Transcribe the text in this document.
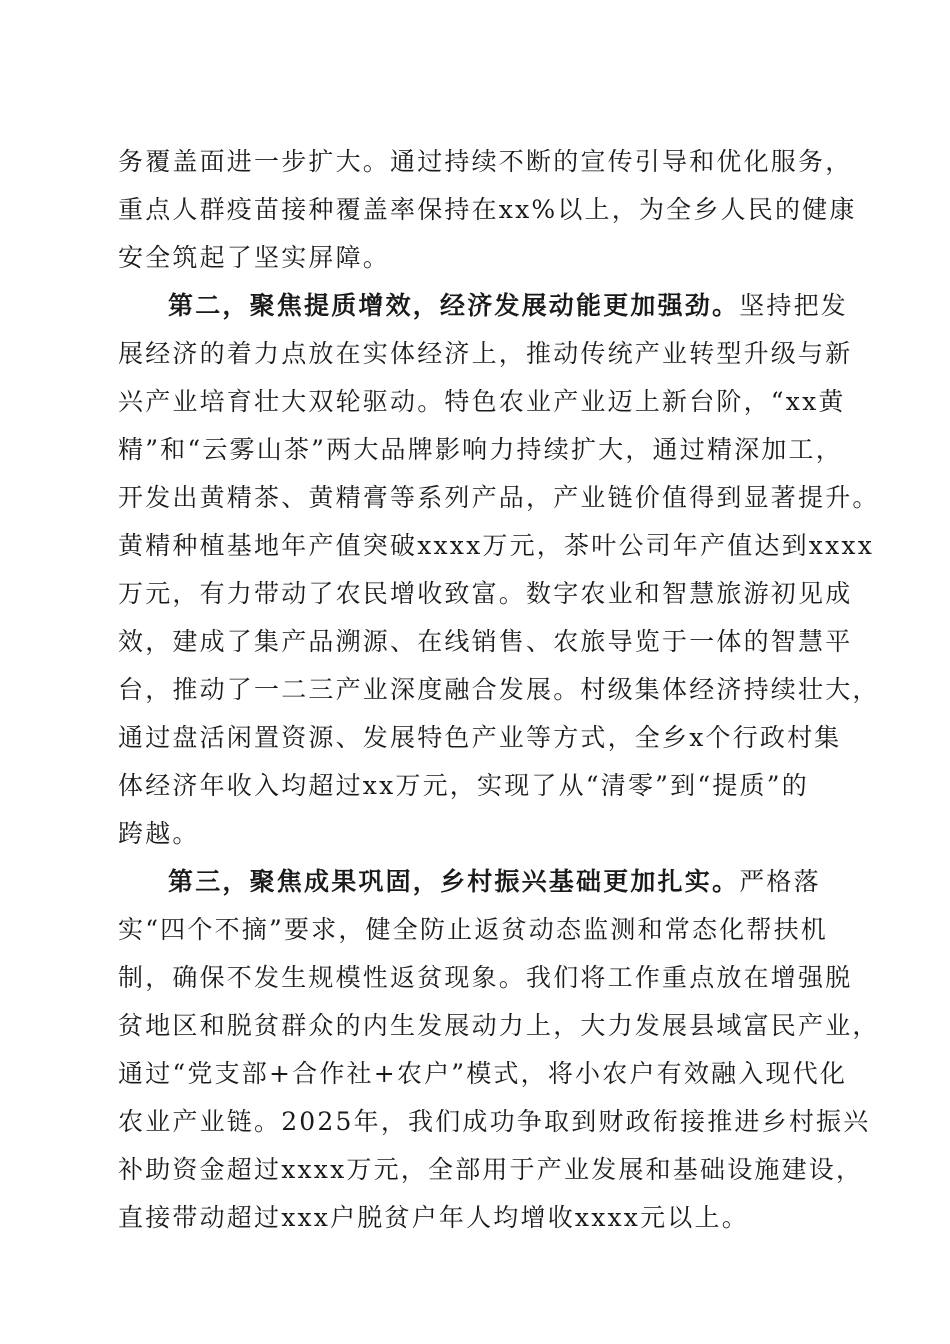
务覆盖面进一步扩大。通过持续不断的宣传引导和优化服务，
重点人群疫苗接种覆盖率保持在xx%以上，为全乡人民的健康
安全筑起了坚实屏障。
第二，聚焦提质增效，经济发展动能更加强劲。坚持把发
展经济的着力点放在实体经济上，推动传统产业转型升级与新
兴产业培育壮大双轮驱动。特色农业产业迈上新台阶，“xx黄
精”和“云雾山茶”两大品牌影响力持续扩大，通过精深加工，
开发出黄精茶、黄精膏等系列产品，产业链价值得到显著提升。
黄精种植基地年产值突破xxxx万元，茶叶公司年产值达到xxxx
万元，有力带动了农民增收致富。数字农业和智慧旅游初见成
效，建成了集产品溯源、在线销售、农旅导览于一体的智慧平
台，推动了一二三产业深度融合发展。村级集体经济持续壮大，
通过盘活闲置资源、发展特色产业等方式，全乡x个行政村集
体经济年收入均超过xx万元，实现了从“清零”到“提质”的
跨越。
第三，聚焦成果巩固，乡村振兴基础更加扎实。严格落
实“四个不摘”要求，健全防止返贫动态监测和常态化帮扶机
制，确保不发生规模性返贫现象。我们将工作重点放在增强脱
贫地区和脱贫群众的内生发展动力上，大力发展县域富民产业，
通过“党支部+合作社+农户”模式，将小农户有效融入现代化
农业产业链。2025年，我们成功争取到财政衔接推进乡村振兴
补助资金超过xxxx万元，全部用于产业发展和基础设施建设，
直接带动超过xxx户脱贫户年人均增收xxxx元以上。
